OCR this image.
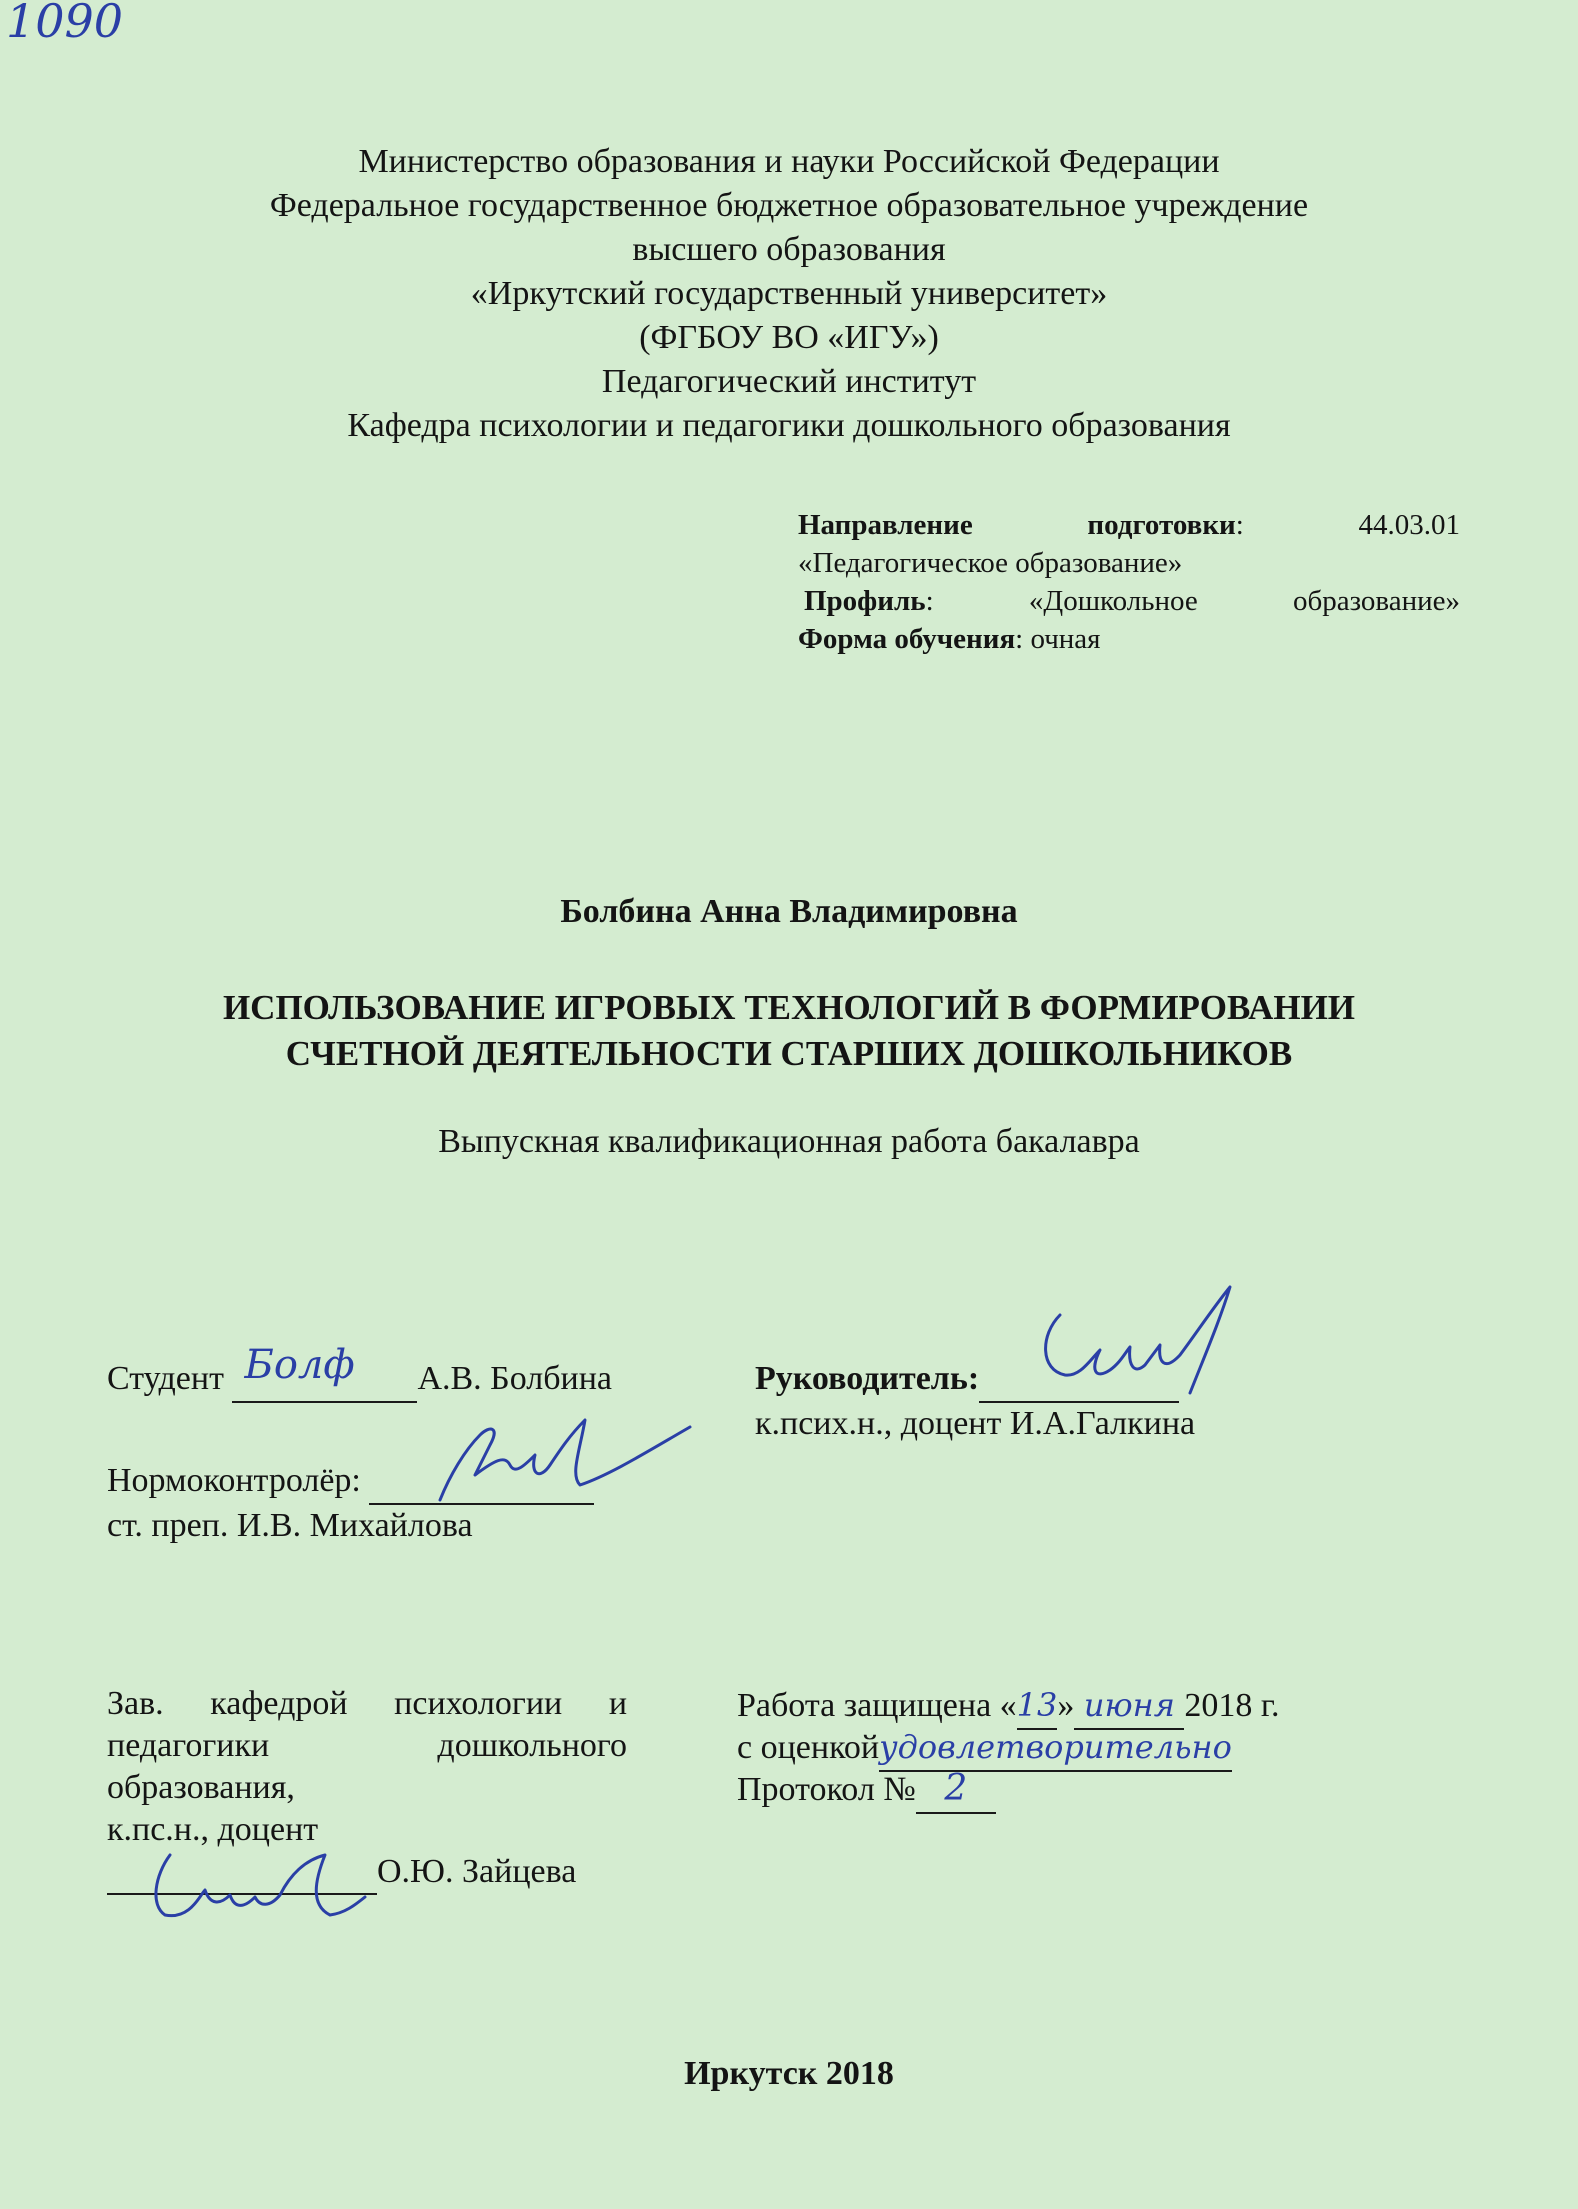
1090
Министерство образования и науки Российской Федерации
Федеральное государственное бюджетное образовательное учреждение
высшего образования
«Иркутский государственный университет»
(ФГБОУ ВО «ИГУ»)
Педагогический институт
Кафедра психологии и педагогики дошкольного образования
Направление	подготовки:	44.03.01
«Педагогическое образование»
Профиль:	«Дошкольное образование»
Форма обучения: очная
Болбина Анна Владимировна
ИСПОЛЬЗОВАНИЕ ИГРОВЫХ ТЕХНОЛОГИЙ В ФОРМИРОВАНИИ
СЧЕТНОЙ ДЕЯТЕЛЬНОСТИ СТАРШИХ ДОШКОЛЬНИКОВ
Выпускная квалификационная работа бакалавра
Студент Болф А.В. Болбина	Руководитель:
к.псих.н., доцент И.А.Галкина
Нормоконтролёр:
ст. преп. И.В. Михайлова
Зав. кафедрой психологии и
педагогики	дошкольного
образования,
к.пс.н., доцент
О.Ю. Зайцева
Работа защищена «13» июня 2018 г.
с оценкойудовлетворительно
Протокол № 2
Иркутск 2018
